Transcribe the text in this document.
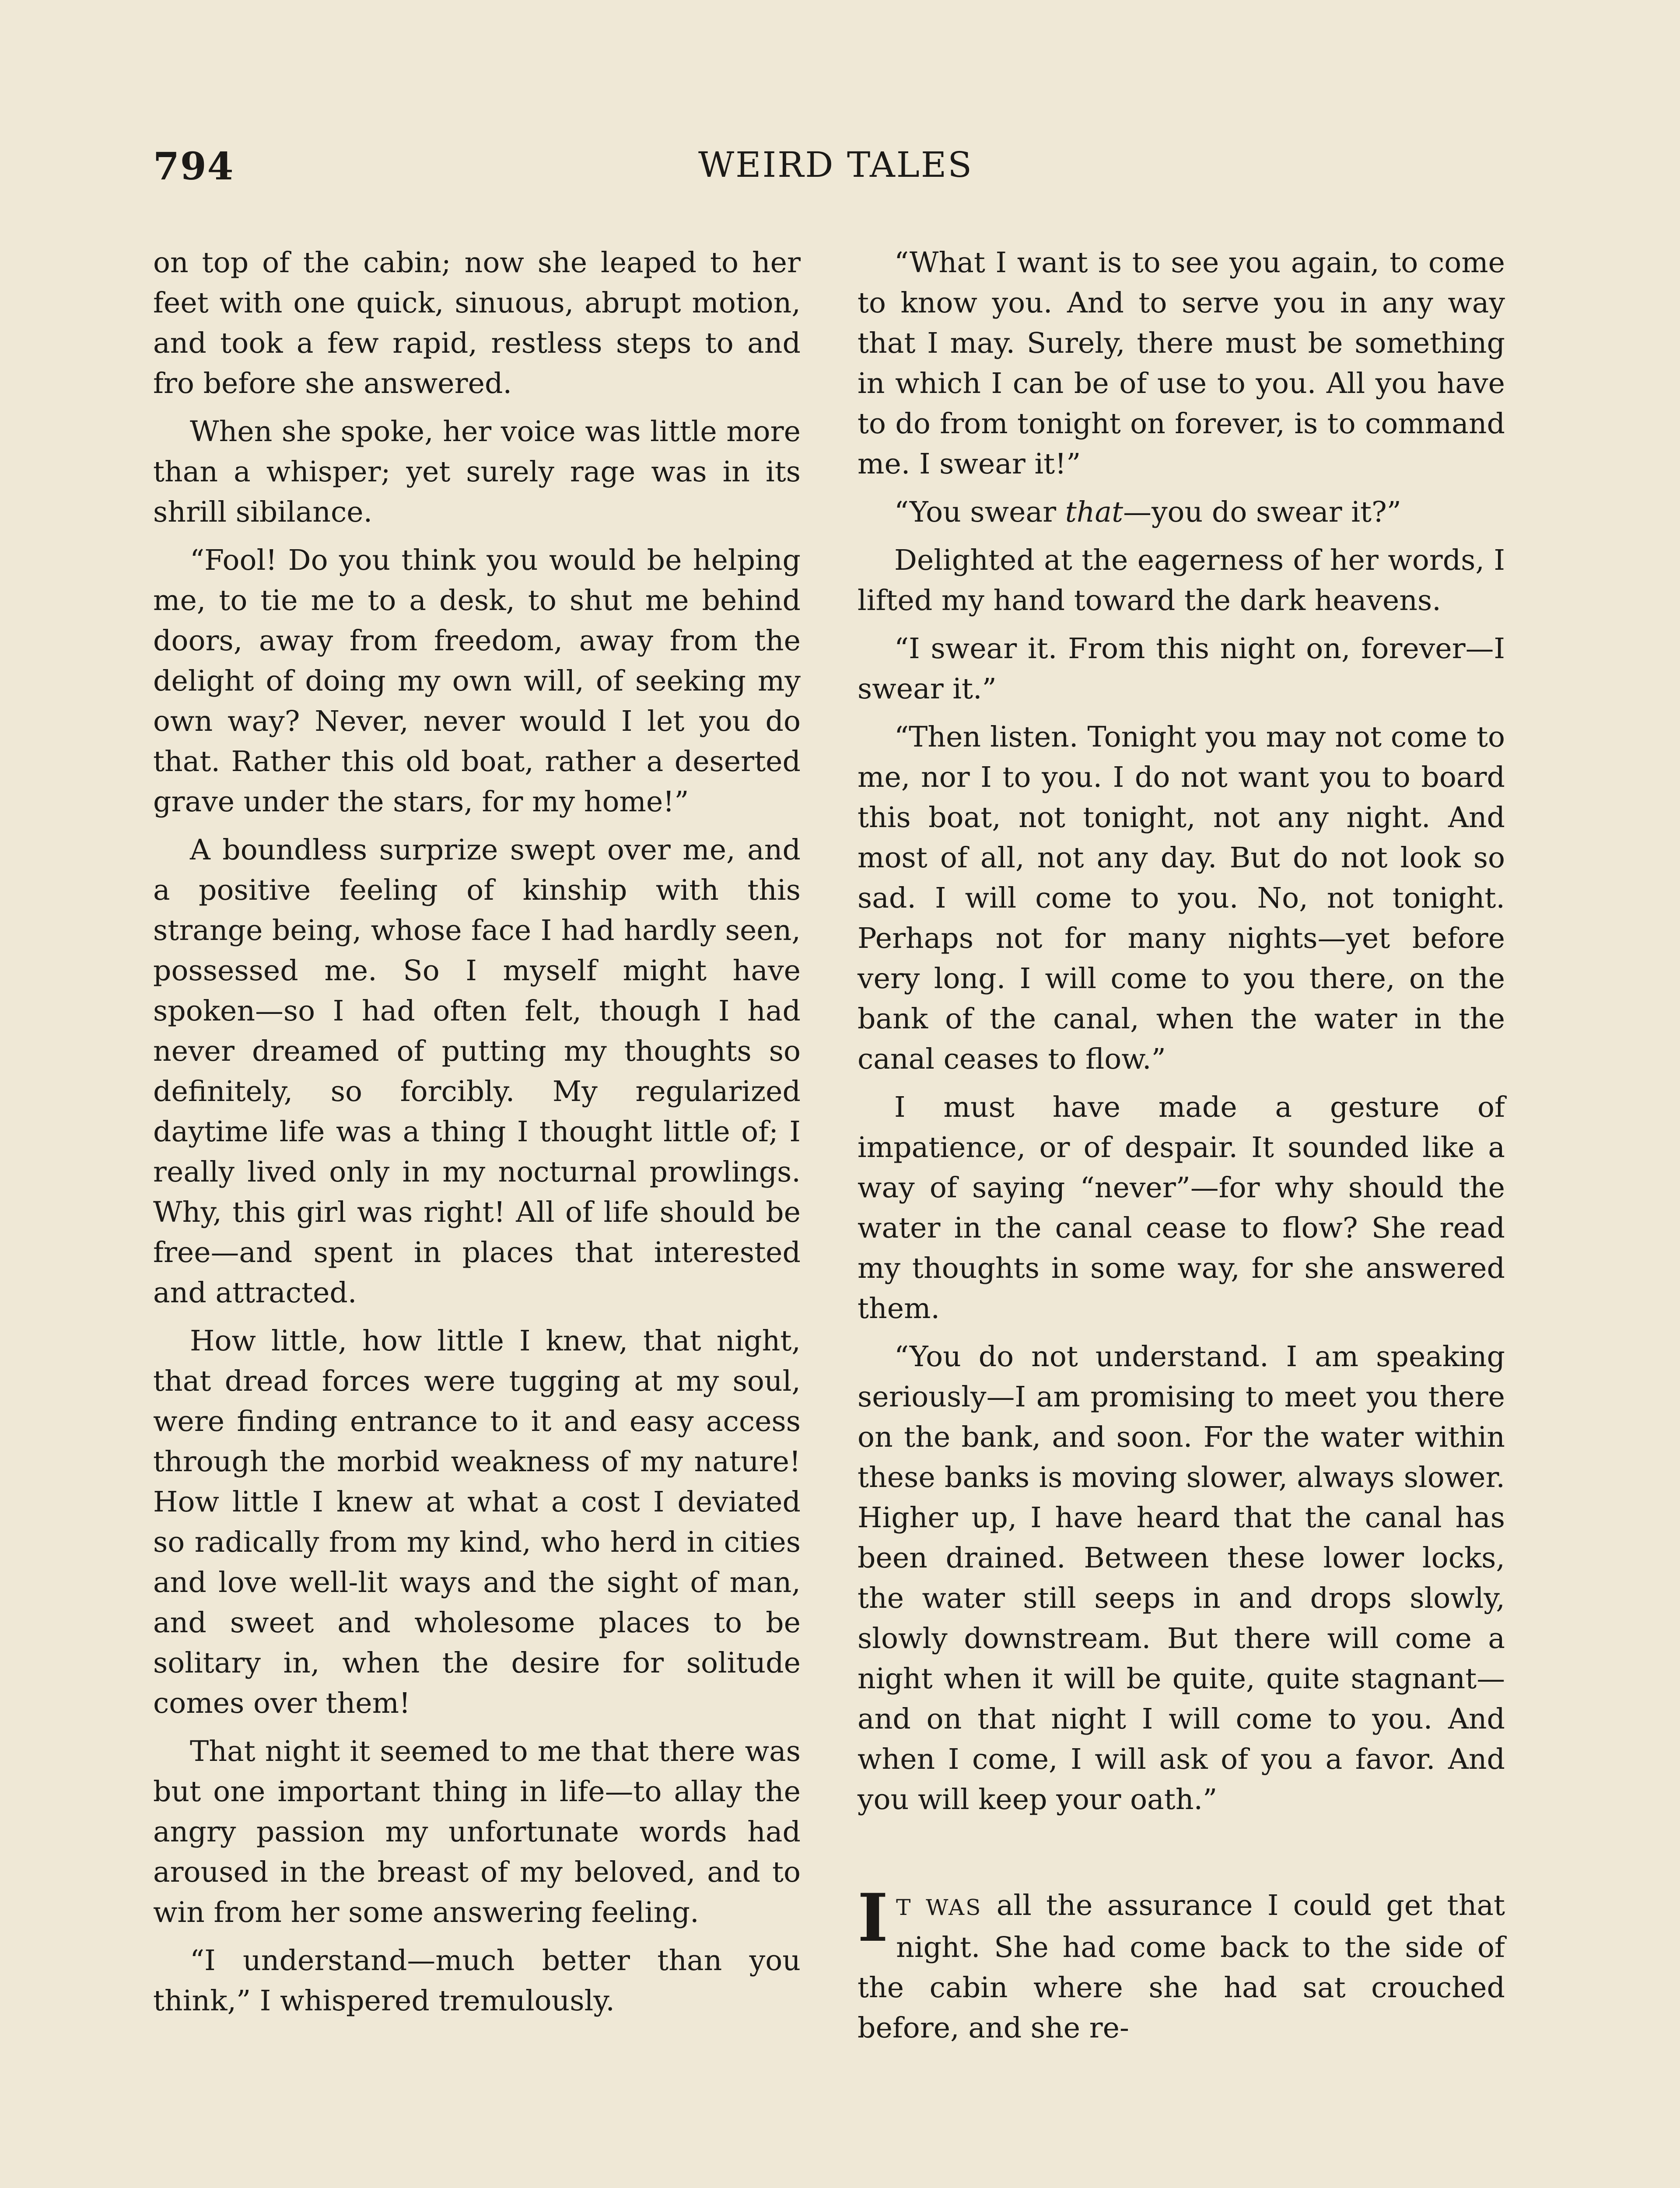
794	WEIRD TALES

on top of the cabin; now she leaped to her feet with one quick, sinuous, abrupt motion, and took a few rapid, restless steps to and fro before she answered.

When she spoke, her voice was little more than a whisper; yet surely rage was in its shrill sibilance.

“Fool! Do you think you would be helping me, to tie me to a desk, to shut me behind doors, away from freedom, away from the delight of doing my own will, of seeking my own way? Never, never would I let you do that. Rather this old boat, rather a deserted grave under the stars, for my home!”

A boundless surprize swept over me, and a positive feeling of kinship with this strange being, whose face I had hardly seen, possessed me. So I myself might have spoken—so I had often felt, though I had never dreamed of putting my thoughts so definitely, so forcibly. My regularized daytime life was a thing I thought little of; I really lived only in my nocturnal prowlings. Why, this girl was right! All of life should be free—and spent in places that interested and attracted.

How little, how little I knew, that night, that dread forces were tugging at my soul, were finding entrance to it and easy access through the morbid weakness of my nature! How little I knew at what a cost I deviated so radically from my kind, who herd in cities and love well-lit ways and the sight of man, and sweet and wholesome places to be solitary in, when the desire for solitude comes over them!

That night it seemed to me that there was but one important thing in life—to allay the angry passion my unfortunate words had aroused in the breast of my beloved, and to win from her some answering feeling.

“I understand—much better than you think,” I whispered tremulously.

“What I want is to see you again, to come to know you. And to serve you in any way that I may. Surely, there must be something in which I can be of use to you. All you have to do from tonight on forever, is to command me. I swear it!”

“You swear that—you do swear it?”

Delighted at the eagerness of her words, I lifted my hand toward the dark heavens.

“I swear it. From this night on, forever—I swear it.”

“Then listen. Tonight you may not come to me, nor I to you. I do not want you to board this boat, not tonight, not any night. And most of all, not any day. But do not look so sad. I will come to you. No, not tonight. Perhaps not for many nights—yet before very long. I will come to you there, on the bank of the canal, when the water in the canal ceases to flow.”

I must have made a gesture of impatience, or of despair. It sounded like a way of saying “never”—for why should the water in the canal cease to flow? She read my thoughts in some way, for she answered them.

“You do not understand. I am speaking seriously—I am promising to meet you there on the bank, and soon. For the water within these banks is moving slower, always slower. Higher up, I have heard that the canal has been drained. Between these lower locks, the water still seeps in and drops slowly, slowly downstream. But there will come a night when it will be quite, quite stagnant—and on that night I will come to you. And when I come, I will ask of you a favor. And you will keep your oath.”

I T WAS all the assurance I could get that night. She had come back to the side of the cabin where she had sat crouched before, and she re-
